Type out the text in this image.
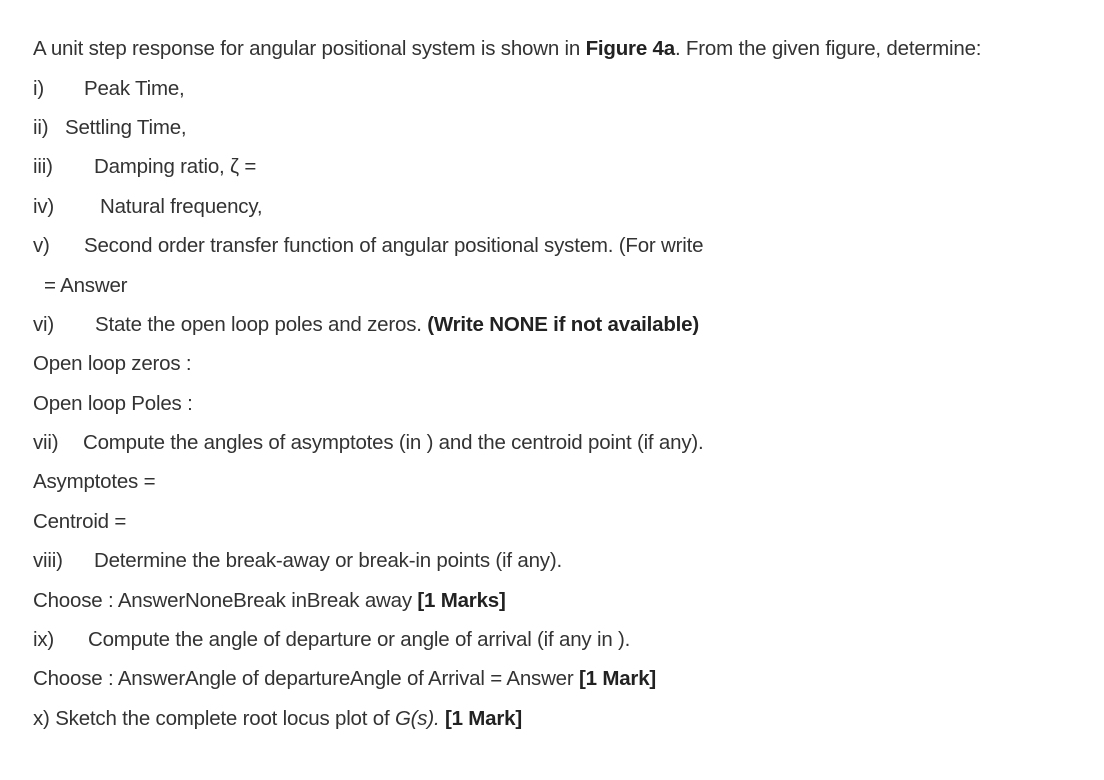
A unit step response for angular positional system is shown in Figure 4a. From the given figure, determine:
i) Peak Time,
ii) Settling Time,
iii) Damping ratio, ζ =
iv) Natural frequency,
v) Second order transfer function of angular positional system. (For write
= Answer
vi) State the open loop poles and zeros. (Write NONE if not available)
Open loop zeros :
Open loop Poles :
vii) Compute the angles of asymptotes (in ) and the centroid point (if any).
Asymptotes =
Centroid =
viii) Determine the break-away or break-in points (if any).
Choose : AnswerNoneBreak inBreak away [1 Marks]
ix) Compute the angle of departure or angle of arrival (if any in ).
Choose : AnswerAngle of departureAngle of Arrival = Answer [1 Mark]
x) Sketch the complete root locus plot of G(s). [1 Mark]
